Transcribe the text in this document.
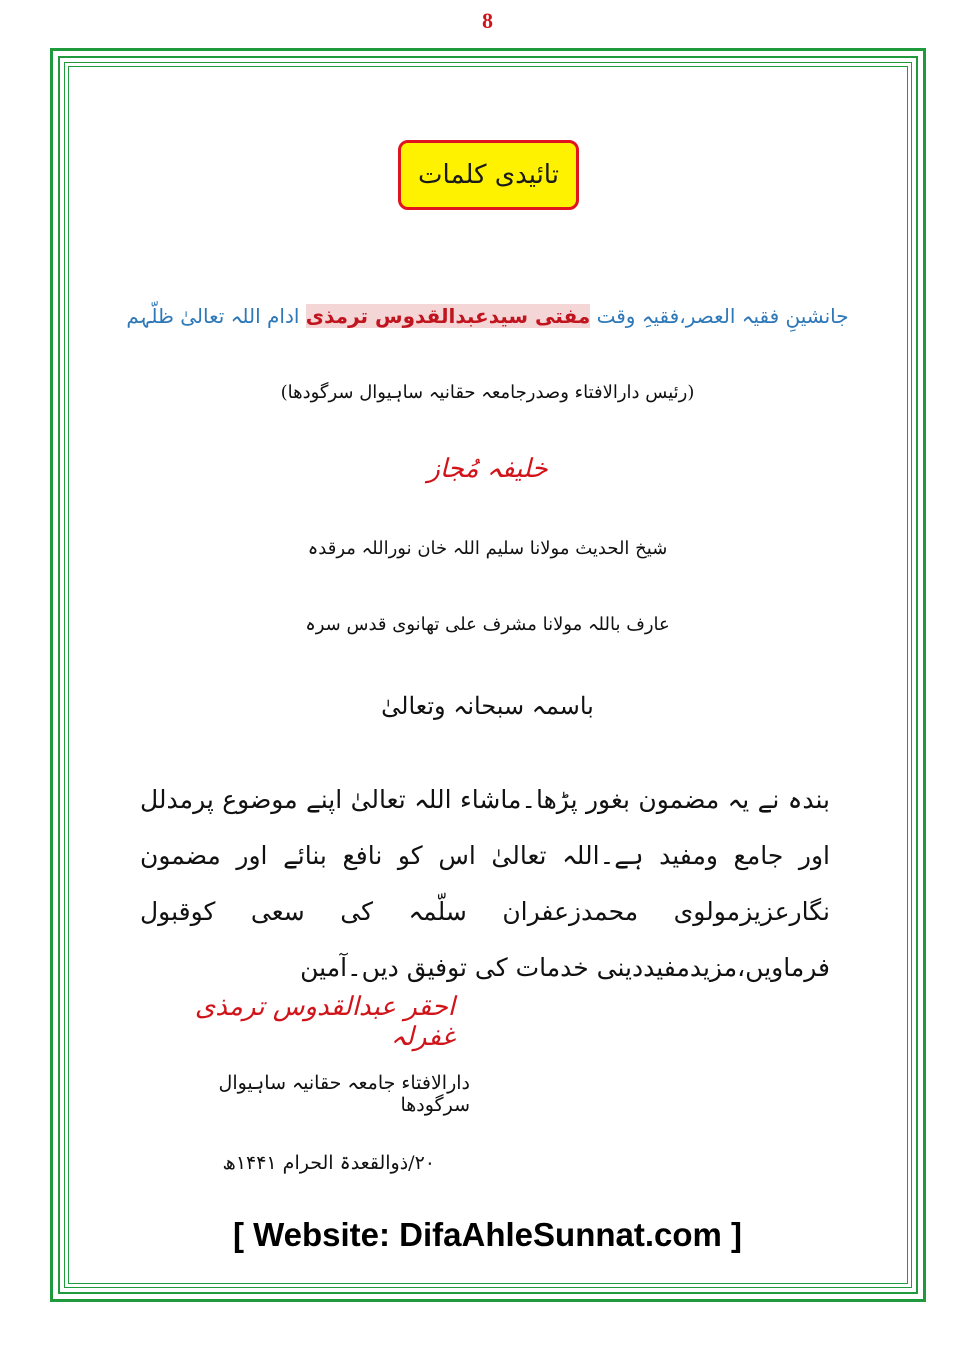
8
تائیدی کلمات
جانشینِ فقیہ العصر،فقیہِ وقت مفتی سیدعبدالقدوس ترمذی ادام اللہ تعالیٰ ظلّہم
(رئیس دارالافتاء وصدرجامعہ حقانیہ ساہیوال سرگودھا)
خلیفہ مُجاز
شیخ الحدیث مولانا سلیم اللہ خان نوراللہ مرقدہ
عارف باللہ مولانا مشرف علی تھانوی قدس سرہ
باسمہ سبحانہ وتعالیٰ
بندہ نے یہ مضمون بغور پڑھا۔ماشاء اللہ تعالیٰ اپنے موضوع پرمدلل اور جامع ومفید ہے۔اللہ تعالیٰ اس کو نافع بنائے اور مضمون نگارعزیزمولوی محمدزعفران سلّمہ کی سعی کوقبول فرماویں،مزیدمفیددینی خدمات کی توفیق دیں۔آمین
احقر عبدالقدوس ترمذی غفرلہ
دارالافتاء جامعہ حقانیہ ساہیوال سرگودھا
۲۰/ذوالقعدۃ الحرام ۱۴۴۱ھ
[ Website: DifaAhleSunnat.com ]
